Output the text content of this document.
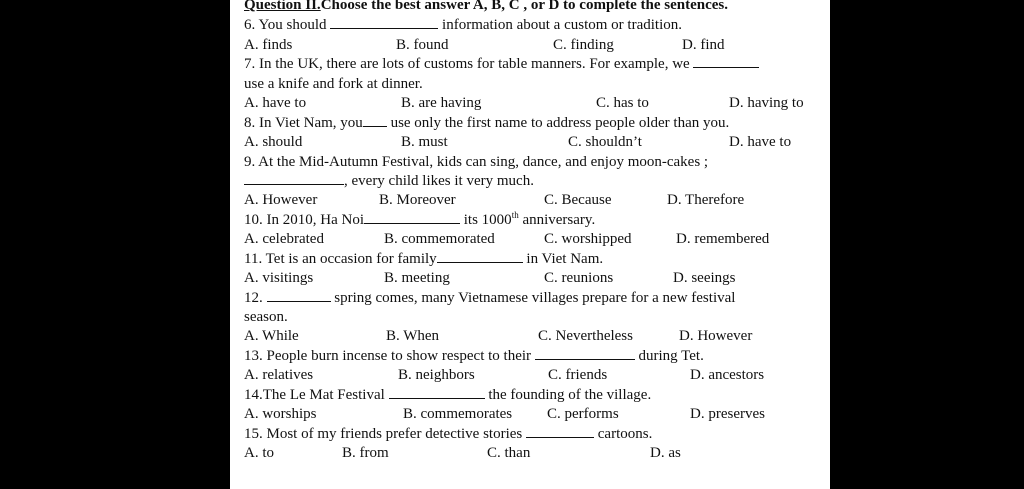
Question II.Choose the best answer A, B, C , or D to complete the sentences.
6. You should	information about a custom or tradition.
A. finds	B. found	C. finding	D. find
7. In the UK, there are lots of customs for table manners. For example, we
use a knife and fork at dinner.
A. have to	B. are having	C. has to	D. having to
8. In Viet Nam, you use only the first name to address people older than you.
A. should	B. must	C. shouldn’t	D. have to
9. At the Mid-Autumn Festival, kids can sing, dance, and enjoy moon-cakes ;
, every child likes it very much.
A. However	B. Moreover	C. Because	D. Therefore
10. In 2010, Ha Noi	its 1000th anniversary.
A. celebrated	B. commemorated	C. worshipped	D. remembered
11. Tet is an occasion for family	in Viet Nam.
A. visitings	B. meeting	C. reunions	D. seeings
12.	spring comes, many Vietnamese villages prepare for a new festival
season.
A. While	B. When	C. Nevertheless	D. However
13. People burn incense to show respect to their	during Tet.
A. relatives	B. neighbors	C. friends	D. ancestors
14.The Le Mat Festival	the founding of the village.
A. worships	B. commemorates C. performs	D. preserves
15. Most of my friends prefer detective stories	cartoons.
A. to	B. from	C. than	D. as
